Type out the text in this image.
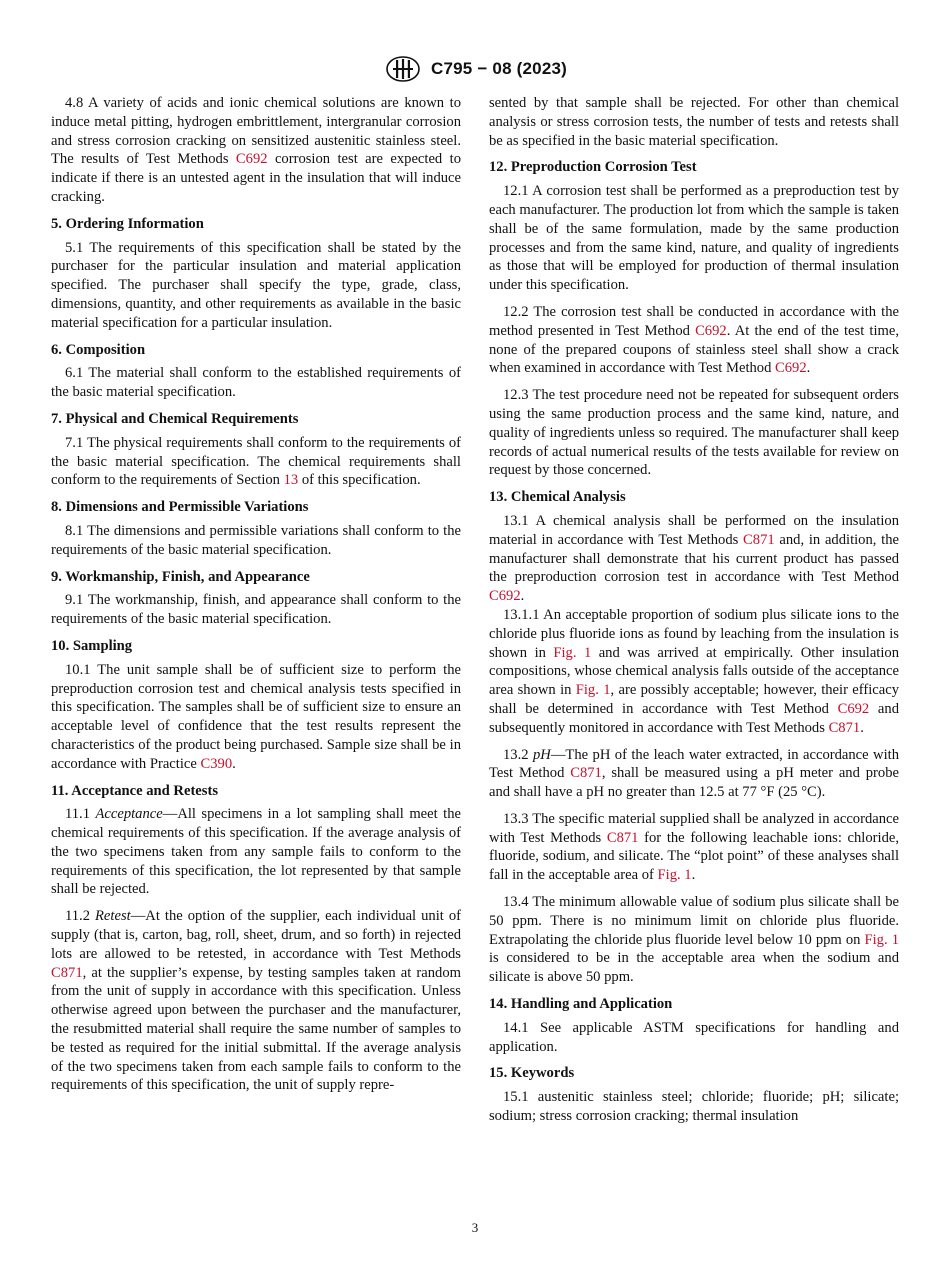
C795 − 08 (2023)

4.8 A variety of acids and ionic chemical solutions are known to induce metal pitting, hydrogen embrittlement, intergranular corrosion and stress corrosion cracking on sensitized austenitic stainless steel. The results of Test Methods C692 corrosion test are expected to indicate if there is an untested agent in the insulation that will induce cracking.

5. Ordering Information

5.1 The requirements of this specification shall be stated by the purchaser for the particular insulation and material application specified. The purchaser shall specify the type, grade, class, dimensions, quantity, and other requirements as available in the basic material specification for a particular insulation.

6. Composition

6.1 The material shall conform to the established requirements of the basic material specification.

7. Physical and Chemical Requirements

7.1 The physical requirements shall conform to the requirements of the basic material specification. The chemical requirements shall conform to the requirements of Section 13 of this specification.

8. Dimensions and Permissible Variations

8.1 The dimensions and permissible variations shall conform to the requirements of the basic material specification.

9. Workmanship, Finish, and Appearance

9.1 The workmanship, finish, and appearance shall conform to the requirements of the basic material specification.

10. Sampling

10.1 The unit sample shall be of sufficient size to perform the preproduction corrosion test and chemical analysis tests specified in this specification. The samples shall be of sufficient size to ensure an acceptable level of confidence that the test results represent the characteristics of the product being purchased. Sample size shall be in accordance with Practice C390.

11. Acceptance and Retests

11.1 Acceptance—All specimens in a lot sampling shall meet the chemical requirements of this specification. If the average analysis of the two specimens taken from any sample fails to conform to the requirements of this specification, the lot represented by that sample shall be rejected.

11.2 Retest—At the option of the supplier, each individual unit of supply (that is, carton, bag, roll, sheet, drum, and so forth) in rejected lots are allowed to be retested, in accordance with Test Methods C871, at the supplier’s expense, by testing samples taken at random from the unit of supply in accordance with this specification. Unless otherwise agreed upon between the purchaser and the manufacturer, the resubmitted material shall require the same number of samples to be tested as required for the initial submittal. If the average analysis of the two specimens taken from each sample fails to conform to the requirements of this specification, the unit of supply repre-

sented by that sample shall be rejected. For other than chemical analysis or stress corrosion tests, the number of tests and retests shall be as specified in the basic material specification.

12. Preproduction Corrosion Test

12.1 A corrosion test shall be performed as a preproduction test by each manufacturer. The production lot from which the sample is taken shall be of the same formulation, made by the same production processes and from the same kind, nature, and quality of ingredients as those that will be employed for production of thermal insulation under this specification.

12.2 The corrosion test shall be conducted in accordance with the method presented in Test Method C692. At the end of the test time, none of the prepared coupons of stainless steel shall show a crack when examined in accordance with Test Method C692.

12.3 The test procedure need not be repeated for subsequent orders using the same production process and the same kind, nature, and quality of ingredients unless so required. The manufacturer shall keep records of actual numerical results of the tests available for review on request by those concerned.

13. Chemical Analysis

13.1 A chemical analysis shall be performed on the insulation material in accordance with Test Methods C871 and, in addition, the manufacturer shall demonstrate that his current product has passed the preproduction corrosion test in accordance with Test Method C692.

13.1.1 An acceptable proportion of sodium plus silicate ions to the chloride plus fluoride ions as found by leaching from the insulation is shown in Fig. 1 and was arrived at empirically. Other insulation compositions, whose chemical analysis falls outside of the acceptance area shown in Fig. 1, are possibly acceptable; however, their efficacy shall be determined in accordance with Test Method C692 and subsequently monitored in accordance with Test Methods C871.

13.2 pH—The pH of the leach water extracted, in accordance with Test Method C871, shall be measured using a pH meter and probe and shall have a pH no greater than 12.5 at 77 °F (25 °C).

13.3 The specific material supplied shall be analyzed in accordance with Test Methods C871 for the following leachable ions: chloride, fluoride, sodium, and silicate. The “plot point” of these analyses shall fall in the acceptable area of Fig. 1.

13.4 The minimum allowable value of sodium plus silicate shall be 50 ppm. There is no minimum limit on chloride plus fluoride. Extrapolating the chloride plus fluoride level below 10 ppm on Fig. 1 is considered to be in the acceptable area when the sodium and silicate is above 50 ppm.

14. Handling and Application

14.1 See applicable ASTM specifications for handling and application.

15. Keywords

15.1 austenitic stainless steel; chloride; fluoride; pH; silicate; sodium; stress corrosion cracking; thermal insulation

3
